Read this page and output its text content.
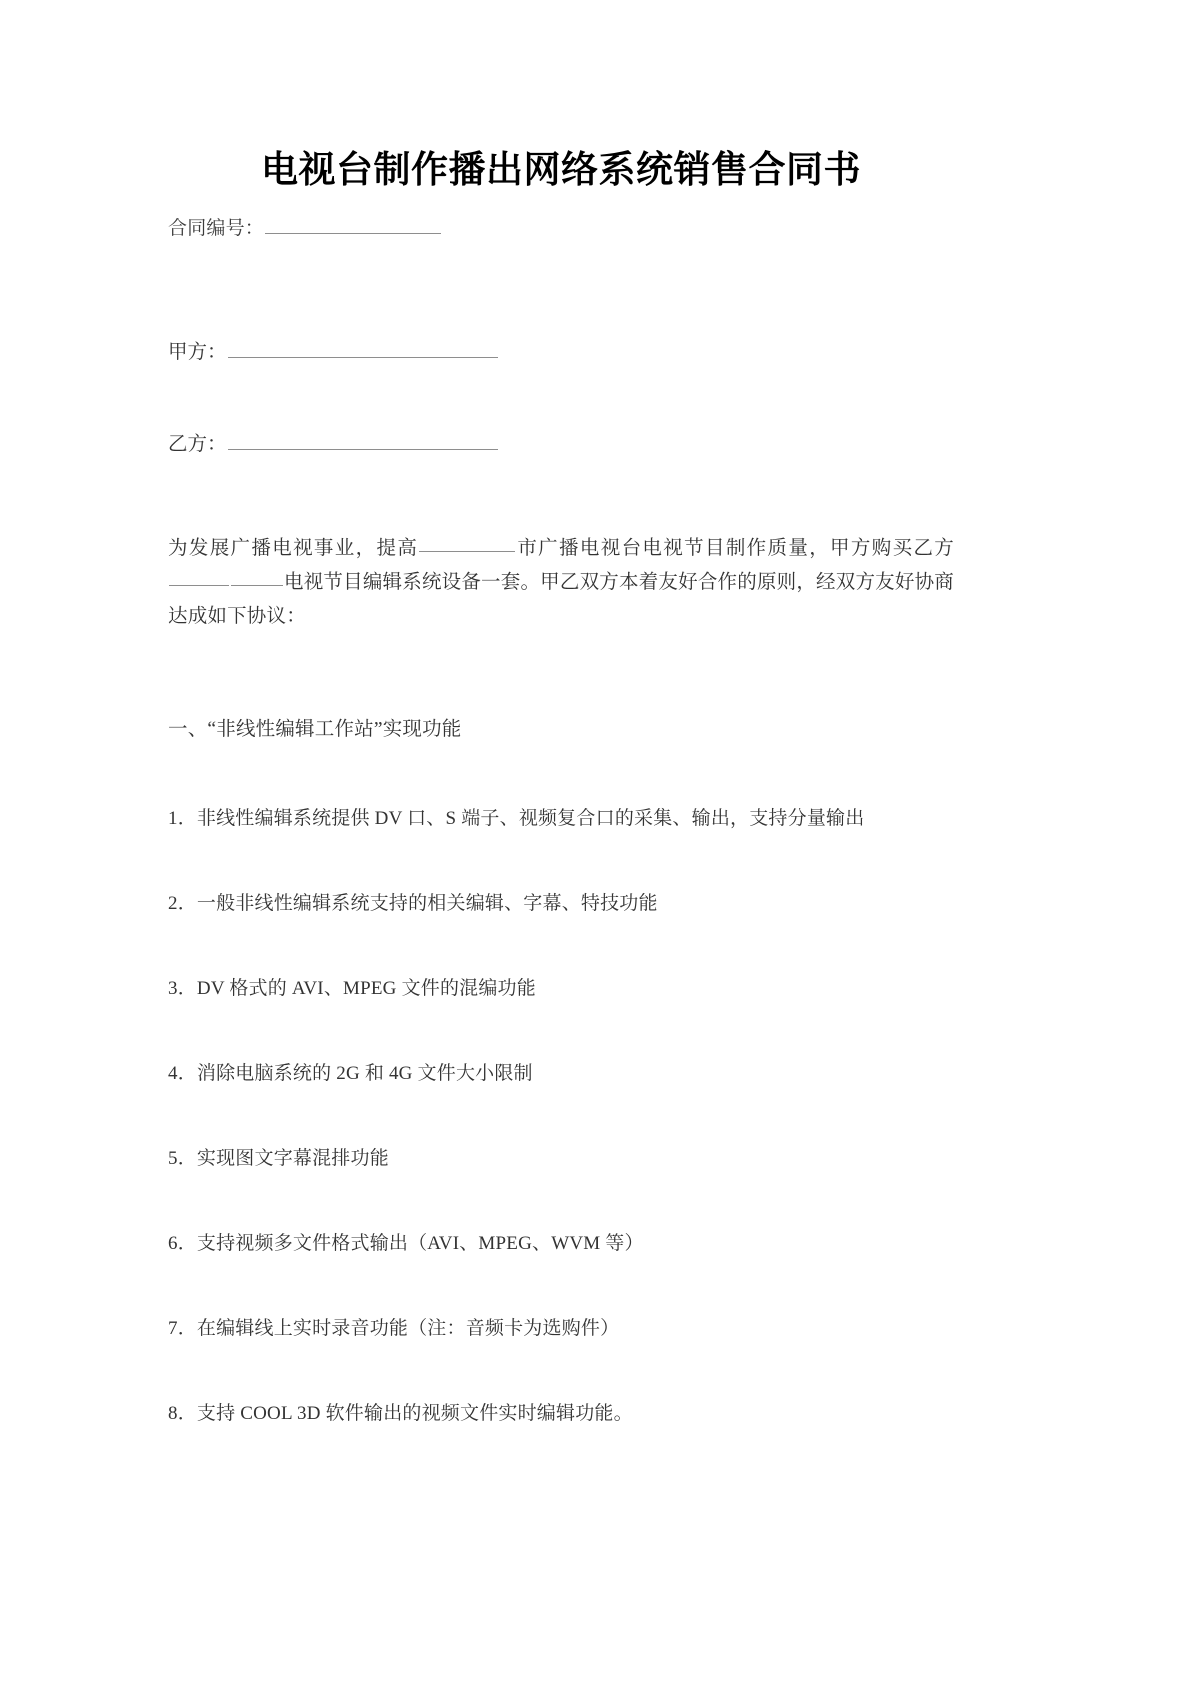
电视台制作播出网络系统销售合同书

合同编号：

甲方：

乙方：

为发展广播电视事业，提高	市广播电视台电视节目制作质量，甲方购买乙方电视节目编辑系统设备一套。甲乙双方本着友好合作的原则，经双方友好协商达成如下协议：

一、“非线性编辑工作站”实现功能

1．非线性编辑系统提供 DV 口、S 端子、视频复合口的采集、输出，支持分量输出
2．一般非线性编辑系统支持的相关编辑、字幕、特技功能
3．DV 格式的 AVI、MPEG 文件的混编功能
4．消除电脑系统的 2G 和 4G 文件大小限制
5．实现图文字幕混排功能
6．支持视频多文件格式输出（AVI、MPEG、WVM 等）
7．在编辑线上实时录音功能（注：音频卡为选购件）
8．支持 COOL 3D 软件输出的视频文件实时编辑功能。
